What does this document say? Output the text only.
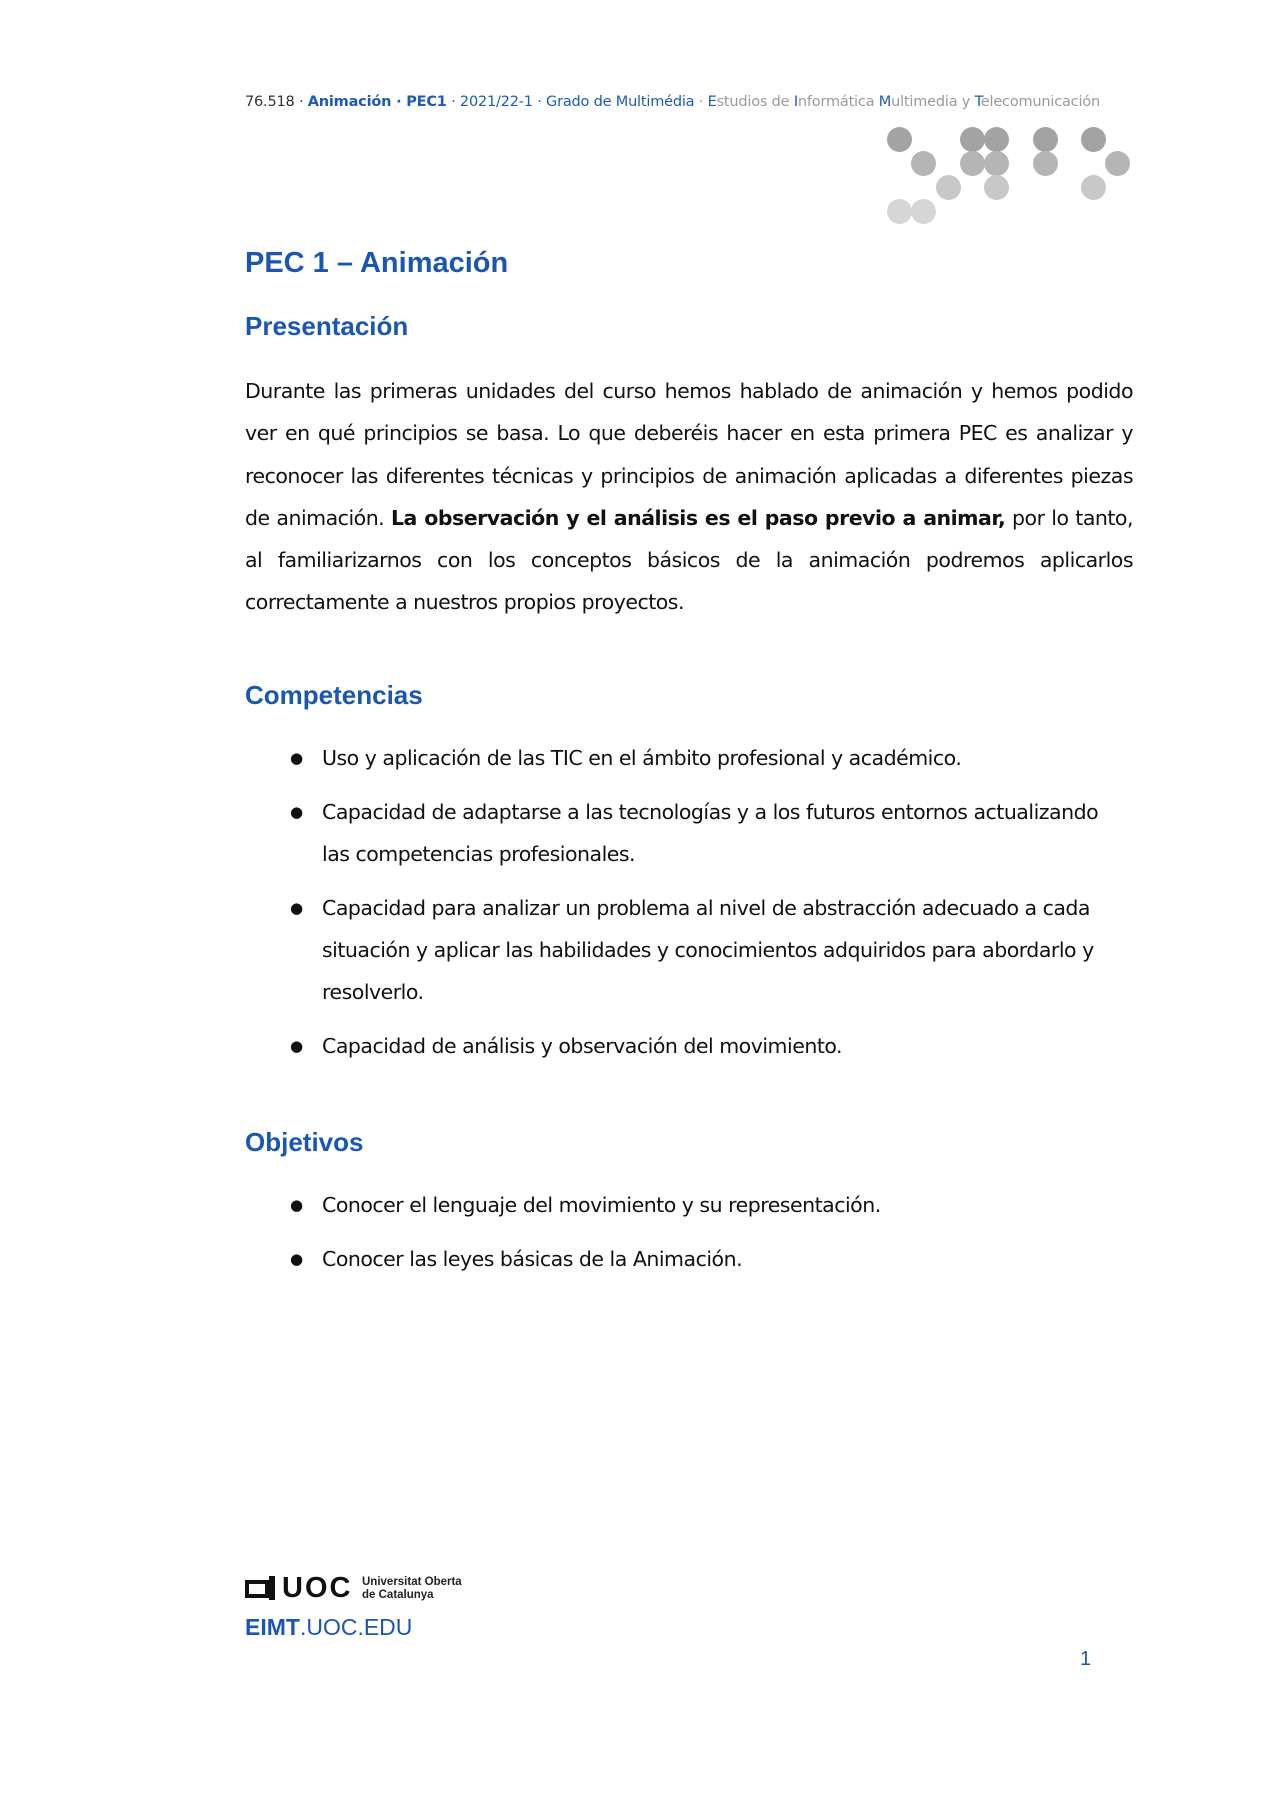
76.518 · Animación · PEC1 · 2021/22-1 · Grado de Multimédia · Estudios de Informática Multimedia y Telecomunicación
PEC 1 – Animación
Presentación
Durante las primeras unidades del curso hemos hablado de animación y hemos podido ver en qué principios se basa. Lo que deberéis hacer en esta primera PEC es analizar y reconocer las diferentes técnicas y principios de animación aplicadas a diferentes piezas de animación. La observación y el análisis es el paso previo a animar, por lo tanto, al familiarizarnos con los conceptos básicos de la animación podremos aplicarlos correctamente a nuestros propios proyectos.
Competencias
● Uso y aplicación de las TIC en el ámbito profesional y académico.
● Capacidad de adaptarse a las tecnologías y a los futuros entornos actualizando las competencias profesionales.
● Capacidad para analizar un problema al nivel de abstracción adecuado a cada situación y aplicar las habilidades y conocimientos adquiridos para abordarlo y resolverlo.
● Capacidad de análisis y observación del movimiento.
Objetivos
● Conocer el lenguaje del movimiento y su representación.
● Conocer las leyes básicas de la Animación.
UOC Universitat Oberta
de Catalunya
EIMT.UOC.EDU
1
